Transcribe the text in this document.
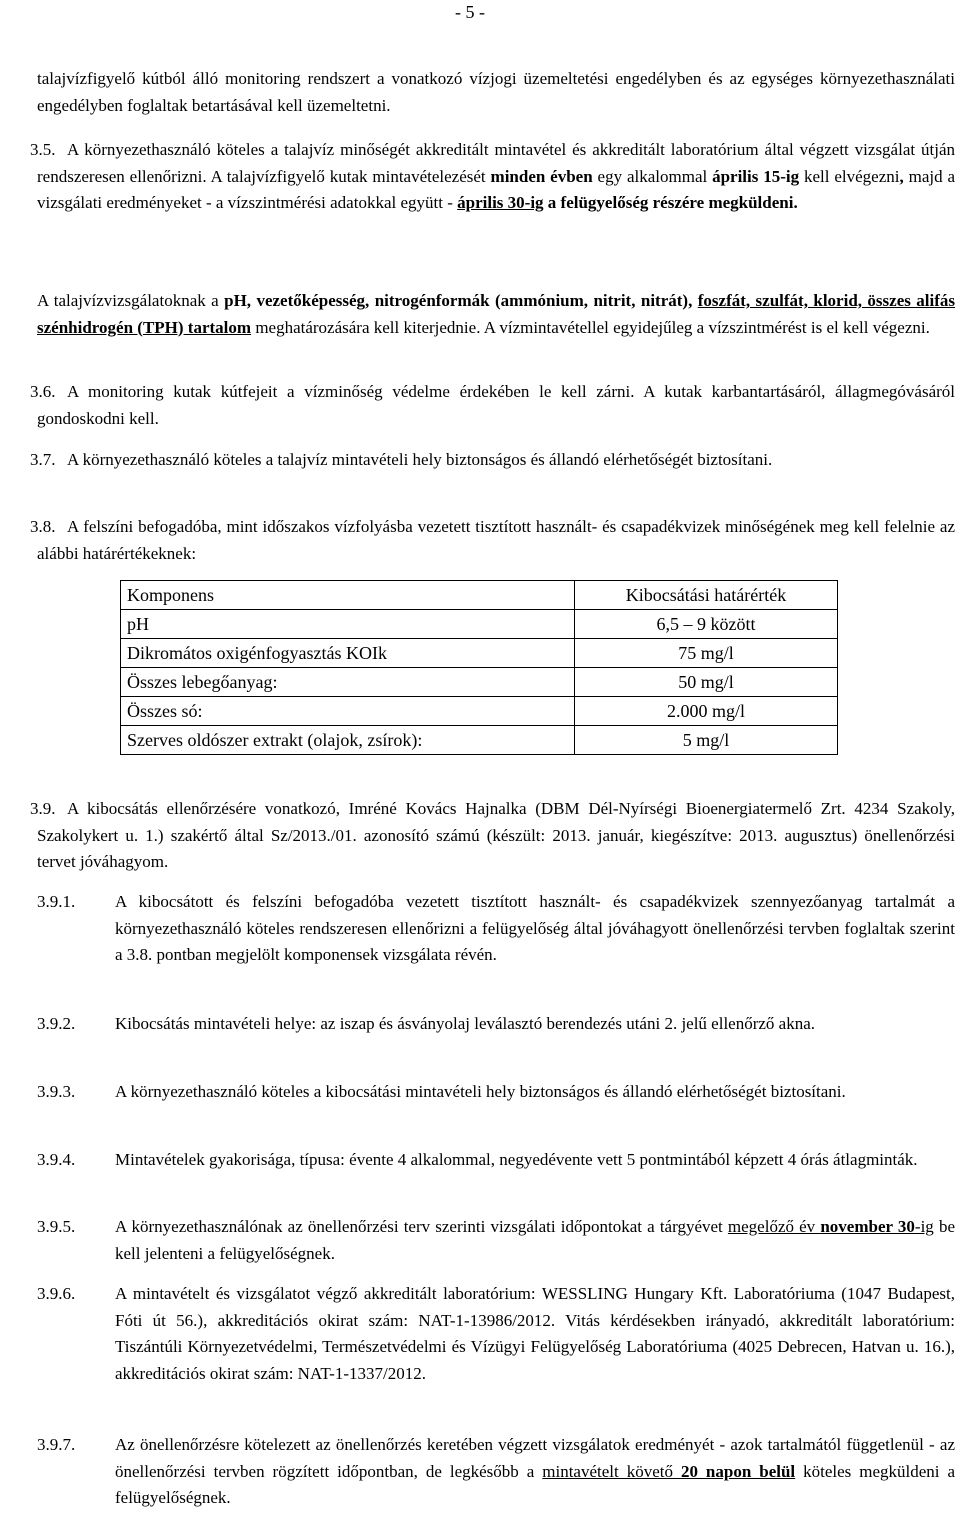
- 5 -
talajvízfigyelő kútból álló monitoring rendszert a vonatkozó vízjogi üzemeltetési engedélyben és az egységes környezethasználati engedélyben foglaltak betartásával kell üzemeltetni.
3.5. A környezethasználó köteles a talajvíz minőségét akkreditált mintavétel és akkreditált laboratórium által végzett vizsgálat útján rendszeresen ellenőrizni. A talajvízfigyelő kutak mintavételezését minden évben egy alkalommal április 15-ig kell elvégezni, majd a vizsgálati eredményeket - a vízszintmérési adatokkal együtt - április 30-ig a felügyelőség részére megküldeni.
A talajvízvizsgálatoknak a pH, vezetőképesség, nitrogénformák (ammónium, nitrit, nitrát), foszfát, szulfát, klorid, összes alifás szénhidrogén (TPH) tartalom meghatározására kell kiterjednie. A vízmintavétellel egyidejűleg a vízszintmérést is el kell végezni.
3.6. A monitoring kutak kútfejeit a vízminőség védelme érdekében le kell zárni. A kutak karbantartásáról, állagmegóvásáról gondoskodni kell.
3.7. A környezethasználó köteles a talajvíz mintavételi hely biztonságos és állandó elérhetőségét biztosítani.
3.8. A felszíni befogadóba, mint időszakos vízfolyásba vezetett tisztított használt- és csapadékvizek minőségének meg kell felelnie az alábbi határértékeknek:
Komponens	Kibocsátási határérték
pH	6,5 – 9 között
Dikromátos oxigénfogyasztás KOIk	75 mg/l
Összes lebegőanyag:	50 mg/l
Összes só:	2.000 mg/l
Szerves oldószer extrakt (olajok, zsírok):	5 mg/l
3.9. A kibocsátás ellenőrzésére vonatkozó, Imréné Kovács Hajnalka (DBM Dél-Nyírségi Bioenergiatermelő Zrt. 4234 Szakoly, Szakolykert u. 1.) szakértő által Sz/2013./01. azonosító számú (készült: 2013. január, kiegészítve: 2013. augusztus) önellenőrzési tervet jóváhagyom.
3.9.1. A kibocsátott és felszíni befogadóba vezetett tisztított használt- és csapadékvizek szennyezőanyag tartalmát a környezethasználó köteles rendszeresen ellenőrizni a felügyelőség által jóváhagyott önellenőrzési tervben foglaltak szerint a 3.8. pontban megjelölt komponensek vizsgálata révén.
3.9.2. Kibocsátás mintavételi helye: az iszap és ásványolaj leválasztó berendezés utáni 2. jelű ellenőrző akna.
3.9.3. A környezethasználó köteles a kibocsátási mintavételi hely biztonságos és állandó elérhetőségét biztosítani.
3.9.4. Mintavételek gyakorisága, típusa: évente 4 alkalommal, negyedévente vett 5 pontmintából képzett 4 órás átlagminták.
3.9.5. A környezethasználónak az önellenőrzési terv szerinti vizsgálati időpontokat a tárgyévet megelőző év november 30-ig be kell jelenteni a felügyelőségnek.
3.9.6. A mintavételt és vizsgálatot végző akkreditált laboratórium: WESSLING Hungary Kft. Laboratóriuma (1047 Budapest, Fóti út 56.), akkreditációs okirat szám: NAT-1-13986/2012. Vitás kérdésekben irányadó, akkreditált laboratórium: Tiszántúli Környezetvédelmi, Természetvédelmi és Vízügyi Felügyelőség Laboratóriuma (4025 Debrecen, Hatvan u. 16.), akkreditációs okirat szám: NAT-1-1337/2012.
3.9.7. Az önellenőrzésre kötelezett az önellenőrzés keretében végzett vizsgálatok eredményét - azok tartalmától függetlenül - az önellenőrzési tervben rögzített időpontban, de legkésőbb a mintavételt követő 20 napon belül köteles megküldeni a felügyelőségnek.
